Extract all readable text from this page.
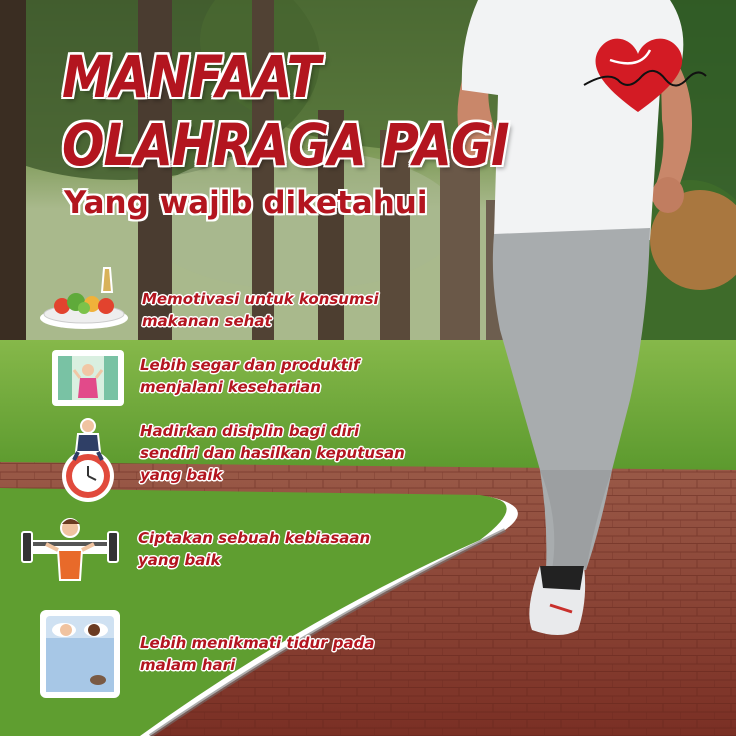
MANFAAT
OLAHRAGA PAGI
Yang wajib diketahui

Memotivasi untuk konsumsi
makanan sehat

Lebih segar dan produktif
menjalani keseharian

Hadirkan disiplin bagi diri
sendiri dan hasilkan keputusan
yang baik

Ciptakan sebuah kebiasaan
yang baik

Lebih menikmati tidur pada
malam hari
